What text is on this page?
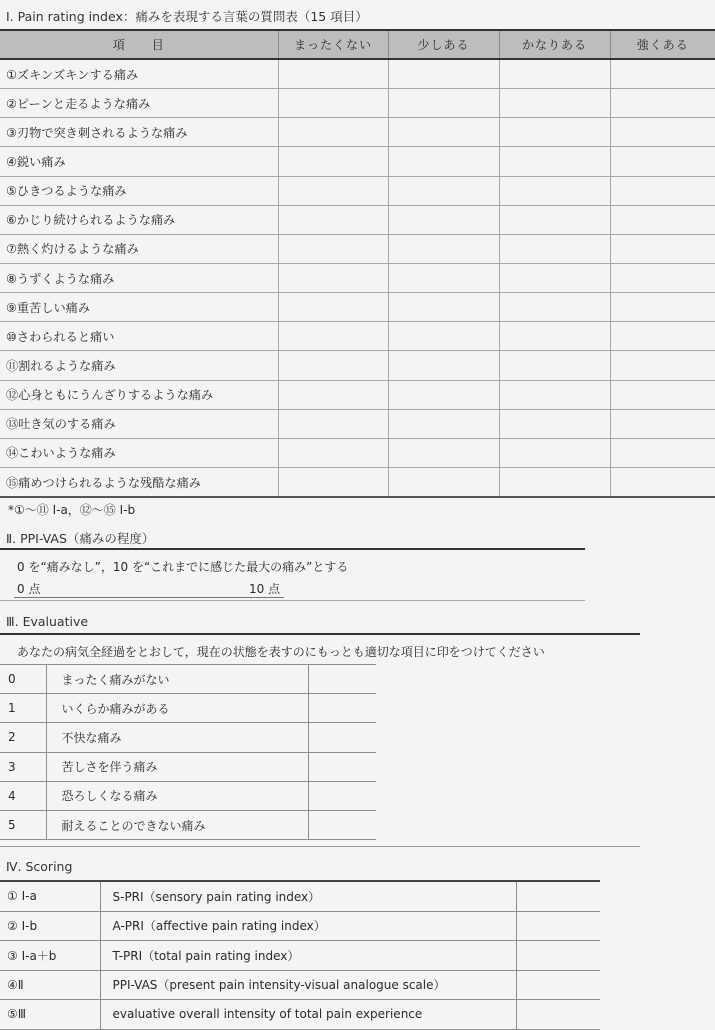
Ⅰ. Pain rating index：痛みを表現する言葉の質問表（15 項目）
項　　目	まったくない	少しある	かなりある	強くある
①ズキンズキンする痛み				
②ピーンと走るような痛み				
③刃物で突き刺されるような痛み				
④鋭い痛み				
⑤ひきつるような痛み				
⑥かじり続けられるような痛み				
⑦熱く灼けるような痛み				
⑧うずくような痛み				
⑨重苦しい痛み				
⑩さわられると痛い				
⑪割れるような痛み				
⑫心身ともにうんざりするような痛み				
⑬吐き気のする痛み				
⑭こわいような痛み				
⑮痛めつけられるような残酷な痛み				
*①〜⑪ Ⅰ-a，⑫〜⑮ Ⅰ-b
Ⅱ. PPI-VAS（痛みの程度）
0 を“痛みなし”，10 を“これまでに感じた最大の痛み”とする
0 点	10 点
Ⅲ. Evaluative
あなたの病気全経過をとおして，現在の状態を表すのにもっとも適切な項目に印をつけてください
0	まったく痛みがない	
1	いくらか痛みがある	
2	不快な痛み	
3	苦しさを伴う痛み	
4	恐ろしくなる痛み	
5	耐えることのできない痛み	
Ⅳ. Scoring
① Ⅰ-a	S-PRI（sensory pain rating index）	
② Ⅰ-b	A-PRI（affective pain rating index）	
③ Ⅰ-a＋b	T-PRI（total pain rating index）	
④Ⅱ	PPI-VAS（present pain intensity-visual analogue scale）	
⑤Ⅲ	evaluative overall intensity of total pain experience	
